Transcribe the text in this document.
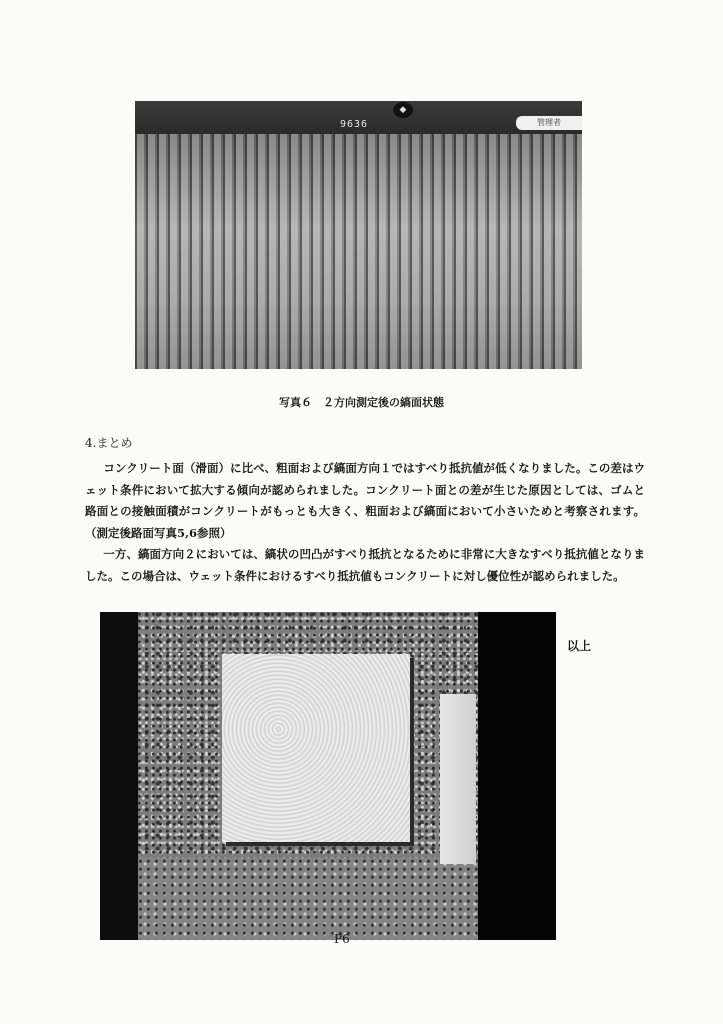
◆
9636	管理者
写真６　２方向測定後の縞面状態
4.まとめ

コンクリート面（滑面）に比べ、粗面および縞面方向１ではすべり抵抗値が低くなりました。この差はウェット条件において拡大する傾向が認められました。コンクリート面との差が生じた原因としては、ゴムと路面との接触面積がコンクリートがもっとも大きく、粗面および縞面において小さいためと考察されます。（測定後路面写真5,6参照）

一方、縞面方向２においては、縞状の凹凸がすべり抵抗となるために非常に大きなすべり抵抗値となりました。この場合は、ウェット条件におけるすべり抵抗値もコンクリートに対し優位性が認められました。

以上
P6
